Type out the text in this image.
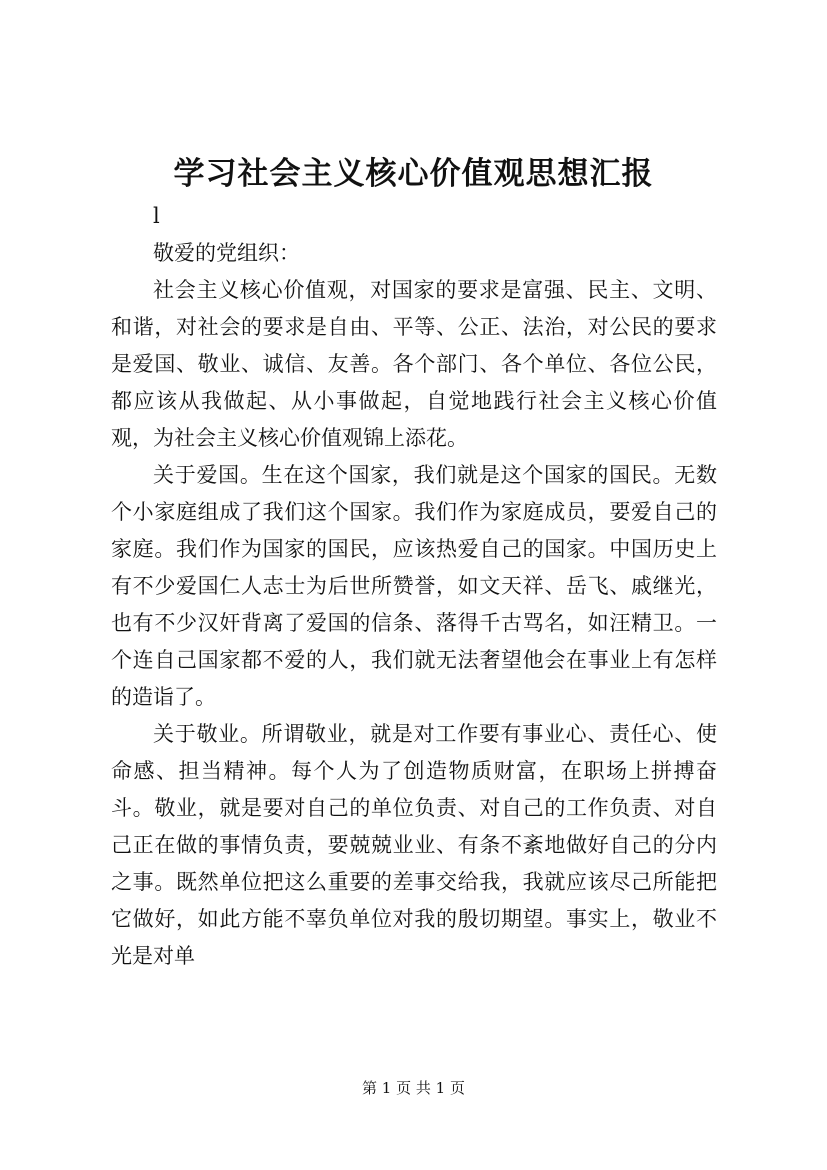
学习社会主义核心价值观思想汇报

l

敬爱的党组织：

社会主义核心价值观，对国家的要求是富强、民主、文明、和谐，对社会的要求是自由、平等、公正、法治，对公民的要求是爱国、敬业、诚信、友善。各个部门、各个单位、各位公民，都应该从我做起、从小事做起，自觉地践行社会主义核心价值观，为社会主义核心价值观锦上添花。

关于爱国。生在这个国家，我们就是这个国家的国民。无数个小家庭组成了我们这个国家。我们作为家庭成员，要爱自己的家庭。我们作为国家的国民，应该热爱自己的国家。中国历史上有不少爱国仁人志士为后世所赞誉，如文天祥、岳飞、戚继光，也有不少汉奸背离了爱国的信条、落得千古骂名，如汪精卫。一个连自己国家都不爱的人，我们就无法奢望他会在事业上有怎样的造诣了。

关于敬业。所谓敬业，就是对工作要有事业心、责任心、使命感、担当精神。每个人为了创造物质财富，在职场上拼搏奋斗。敬业，就是要对自己的单位负责、对自己的工作负责、对自己正在做的事情负责，要兢兢业业、有条不紊地做好自己的分内之事。既然单位把这么重要的差事交给我，我就应该尽己所能把它做好，如此方能不辜负单位对我的殷切期望。事实上，敬业不光是对单

第 1 页 共 1 页
